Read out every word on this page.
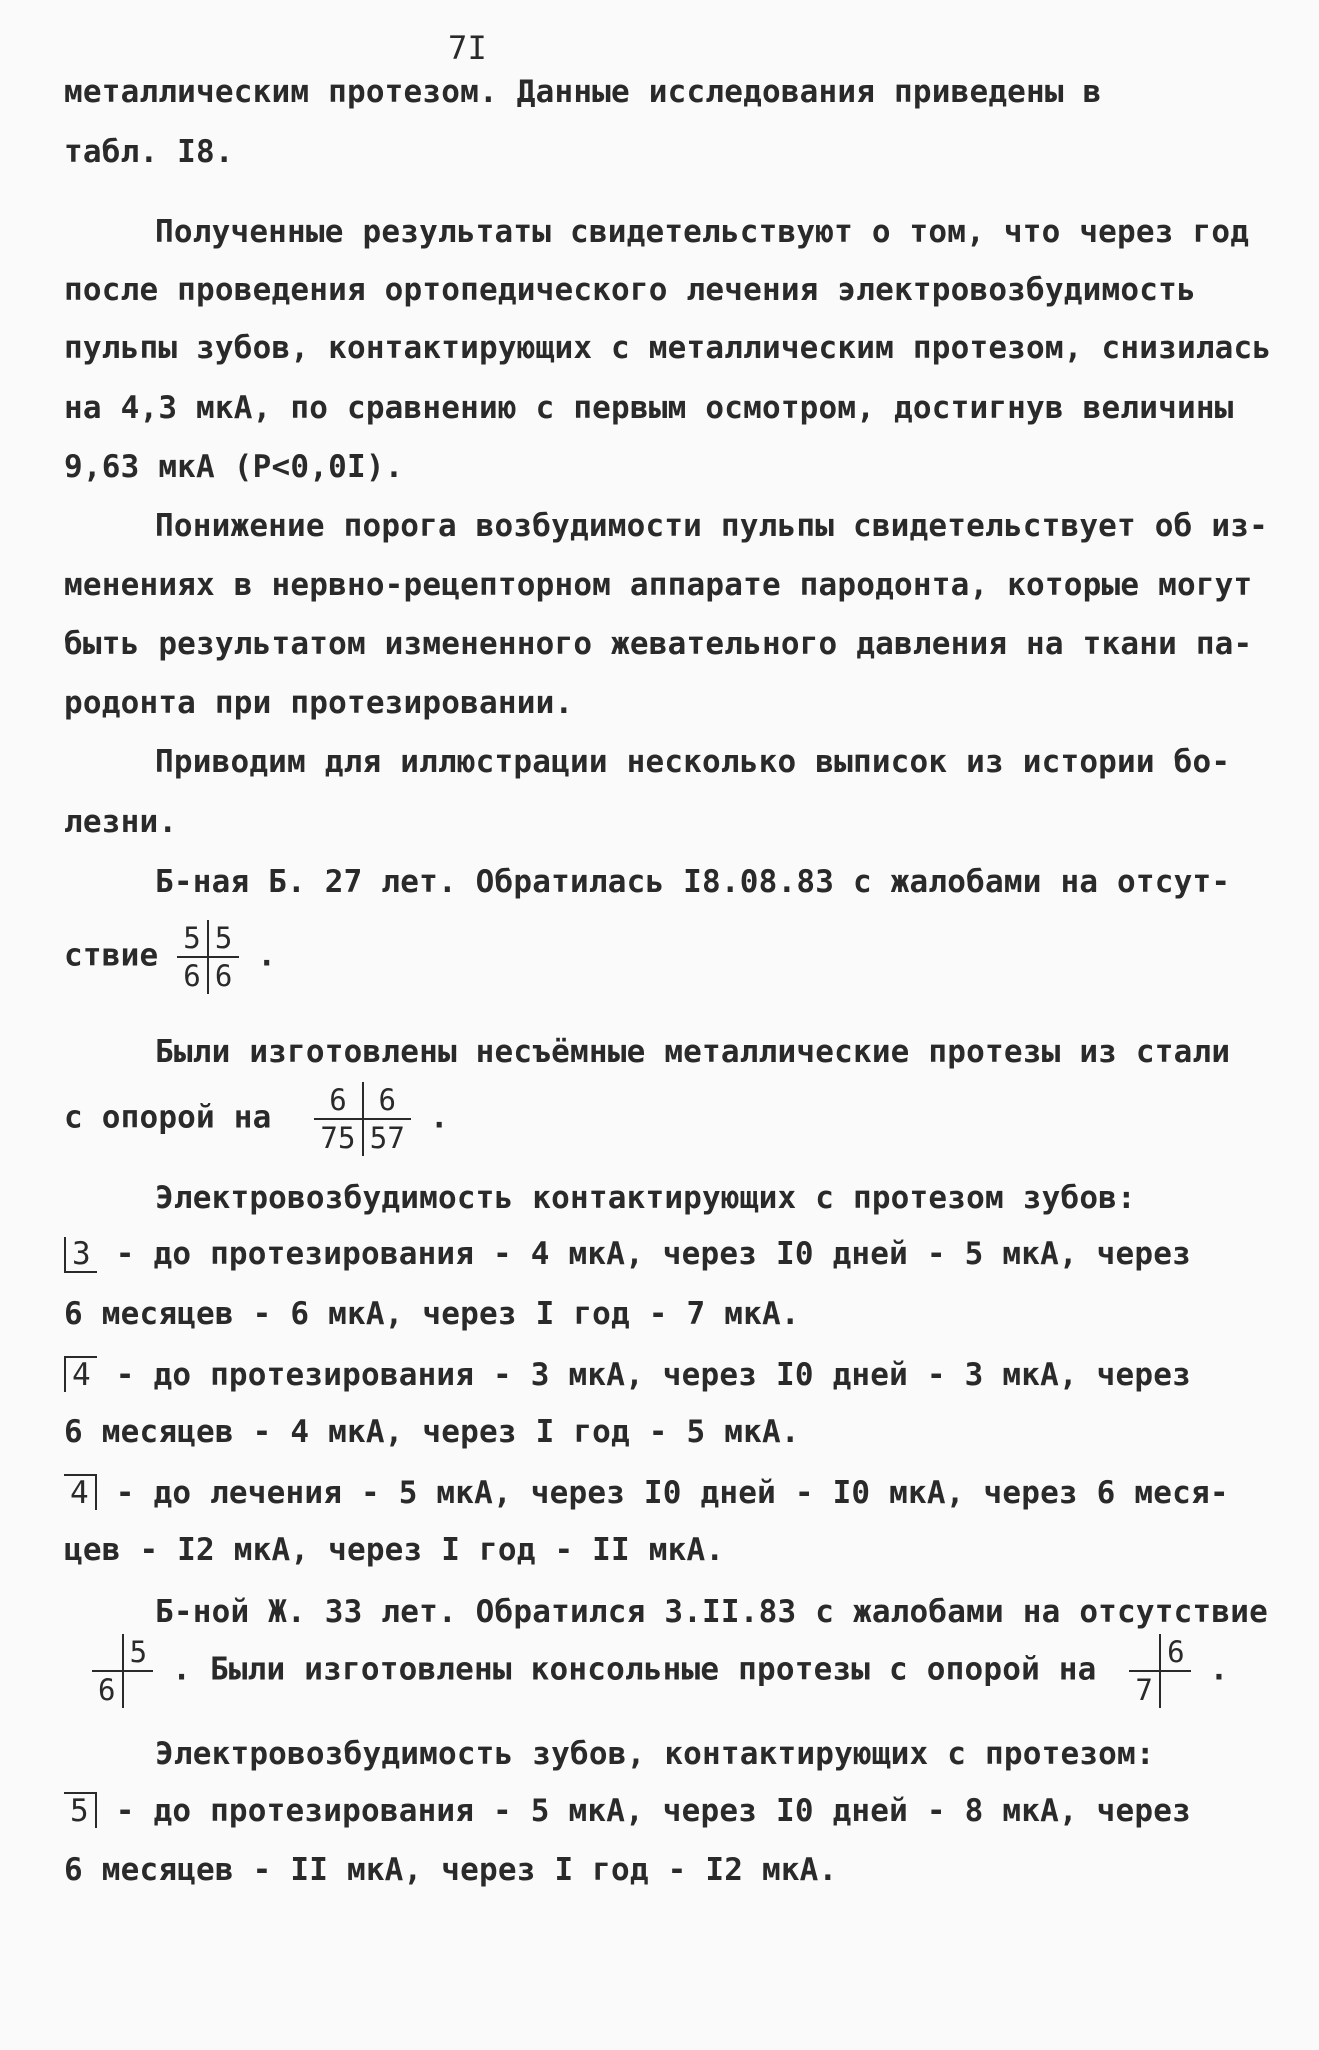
7I

металлическим протезом. Данные исследования приведены в

табл. I8.

Полученные результаты свидетельствуют о том, что через год

после проведения ортопедического лечения электровозбудимость

пульпы зубов, контактирующих с металлическим протезом, снизилась

на 4,3 мкА, по сравнению с первым осмотром, достигнув величины

9,63 мкА (Р<0,0I).

Понижение порога возбудимости пульпы свидетельствует об из-

менениях в нервно-рецепторном аппарате пародонта, которые могут

быть результатом измененного жевательного давления на ткани па-

родонта при протезировании.

Приводим для иллюстрации несколько выписок из истории бо-

лезни.

Б-ная Б. 27 лет. Обратилась I8.08.83 с жалобами на отсут-

ствие 5	5
6	6
.

Были изготовлены несъёмные металлические протезы из стали

с опорой на 6	6
75	57
.

Электровозбудимость контактирующих с протезом зубов:

3 - до протезирования - 4 мкА, через I0 дней - 5 мкА, через

6 месяцев - 6 мкА, через I год - 7 мкА.

4 - до протезирования - 3 мкА, через I0 дней - 3 мкА, через

6 месяцев - 4 мкА, через I год - 5 мкА.

4 - до лечения - 5 мкА, через I0 дней - I0 мкА, через 6 меся-

цев - I2 мкА, через I год - II мкА.

Б-ной Ж. 33 лет. Обратился 3.II.83 с жалобами на отсутствие

	5
6	
. Были изготовлены консольные протезы с опорой на
	6
7	
.

Электровозбудимость зубов, контактирующих с протезом:

5 - до протезирования - 5 мкА, через I0 дней - 8 мкА, через

6 месяцев - II мкА, через I год - I2 мкА.
